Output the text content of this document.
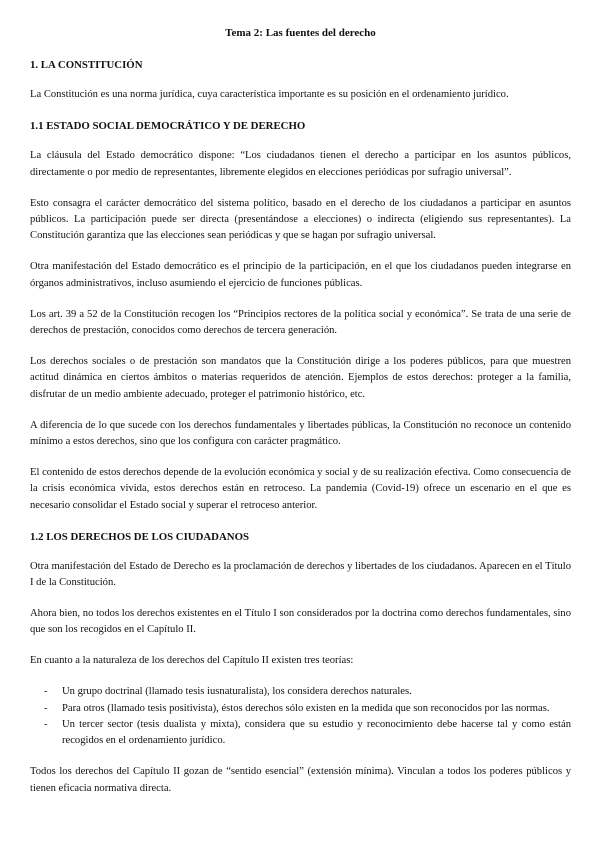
Tema 2: Las fuentes del derecho
1. LA CONSTITUCIÓN

La Constitución es una norma jurídica, cuya característica importante es su posición en el ordenamiento jurídico.

1.1 ESTADO SOCIAL DEMOCRÁTICO Y DE DERECHO

La cláusula del Estado democrático dispone: “Los ciudadanos tienen el derecho a participar en los asuntos públicos, directamente o por medio de representantes, libremente elegidos en elecciones periódicas por sufragio universal”.

Esto consagra el carácter democrático del sistema político, basado en el derecho de los ciudadanos a participar en asuntos públicos. La participación puede ser directa (presentándose a elecciones) o indirecta (eligiendo sus representantes). La Constitución garantiza que las elecciones sean periódicas y que se hagan por sufragio universal.

Otra manifestación del Estado democrático es el principio de la participación, en el que los ciudadanos pueden integrarse en órganos administrativos, incluso asumiendo el ejercicio de funciones públicas.

Los art. 39 a 52 de la Constitución recogen los “Principios rectores de la política social y económica”. Se trata de una serie de derechos de prestación, conocidos como derechos de tercera generación.

Los derechos sociales o de prestación son mandatos que la Constitución dirige a los poderes públicos, para que muestren actitud dinámica en ciertos ámbitos o materias requeridos de atención. Ejemplos de estos derechos: proteger a la familia, disfrutar de un medio ambiente adecuado, proteger el patrimonio histórico, etc.

A diferencia de lo que sucede con los derechos fundamentales y libertades públicas, la Constitución no reconoce un contenido mínimo a estos derechos, sino que los configura con carácter pragmático.

El contenido de estos derechos depende de la evolución económica y social y de su realización efectiva. Como consecuencia de la crisis económica vivida, estos derechos están en retroceso. La pandemia (Covid-19) ofrece un escenario en el que es necesario consolidar el Estado social y superar el retroceso anterior.

1.2 LOS DERECHOS DE LOS CIUDADANOS

Otra manifestación del Estado de Derecho es la proclamación de derechos y libertades de los ciudadanos. Aparecen en el Título I de la Constitución.

Ahora bien, no todos los derechos existentes en el Título I son considerados por la doctrina como derechos fundamentales, sino que son los recogidos en el Capítulo II.

En cuanto a la naturaleza de los derechos del Capítulo II existen tres teorías:

- Un grupo doctrinal (llamado tesis iusnaturalista), los considera derechos naturales.
- Para otros (llamado tesis positivista), éstos derechos sólo existen en la medida que son reconocidos por las normas.
- Un tercer sector (tesis dualista y mixta), considera que su estudio y reconocimiento debe hacerse tal y como están recogidos en el ordenamiento jurídico.

Todos los derechos del Capítulo II gozan de “sentido esencial” (extensión mínima). Vinculan a todos los poderes públicos y tienen eficacia normativa directa.
